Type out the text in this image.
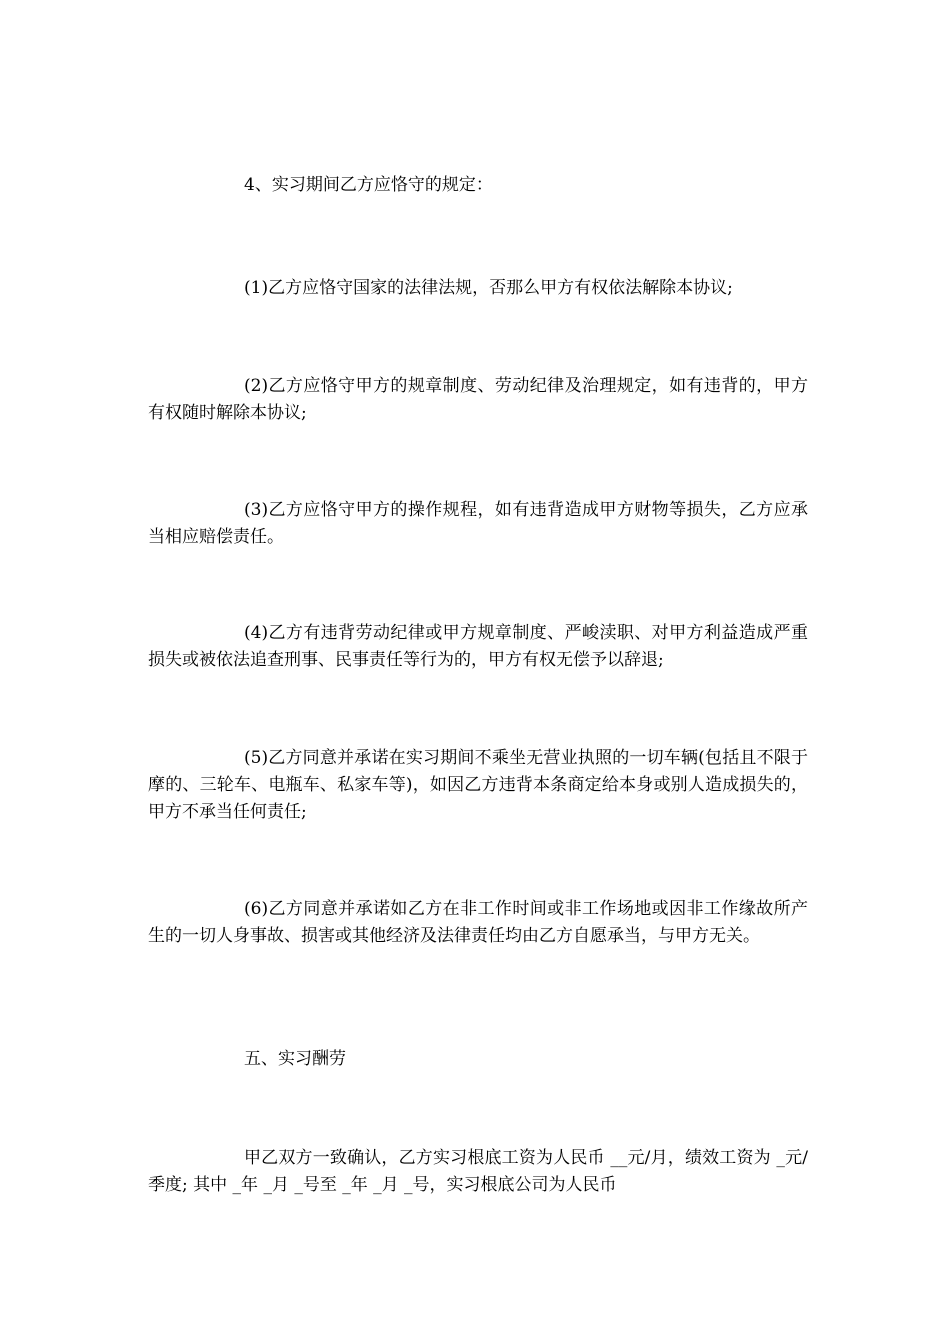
4、实习期间乙方应恪守的规定：

(1)乙方应恪守国家的法律法规，否那么甲方有权依法解除本协议;

(2)乙方应恪守甲方的规章制度、劳动纪律及治理规定，如有违背的，甲方有权随时解除本协议;

(3)乙方应恪守甲方的操作规程，如有违背造成甲方财物等损失，乙方应承当相应赔偿责任。

(4)乙方有违背劳动纪律或甲方规章制度、严峻渎职、对甲方利益造成严重损失或被依法追查刑事、民事责任等行为的，甲方有权无偿予以辞退;

(5)乙方同意并承诺在实习期间不乘坐无营业执照的一切车辆(包括且不限于摩的、三轮车、电瓶车、私家车等)，如因乙方违背本条商定给本身或别人造成损失的，甲方不承当任何责任;

(6)乙方同意并承诺如乙方在非工作时间或非工作场地或因非工作缘故所产生的一切人身事故、损害或其他经济及法律责任均由乙方自愿承当，与甲方无关。

五、实习酬劳

甲乙双方一致确认，乙方实习根底工资为人民币 __元/月，绩效工资为 _元/季度; 其中 _年 _月 _号至 _年 _月 _号，实习根底公司为人民币
